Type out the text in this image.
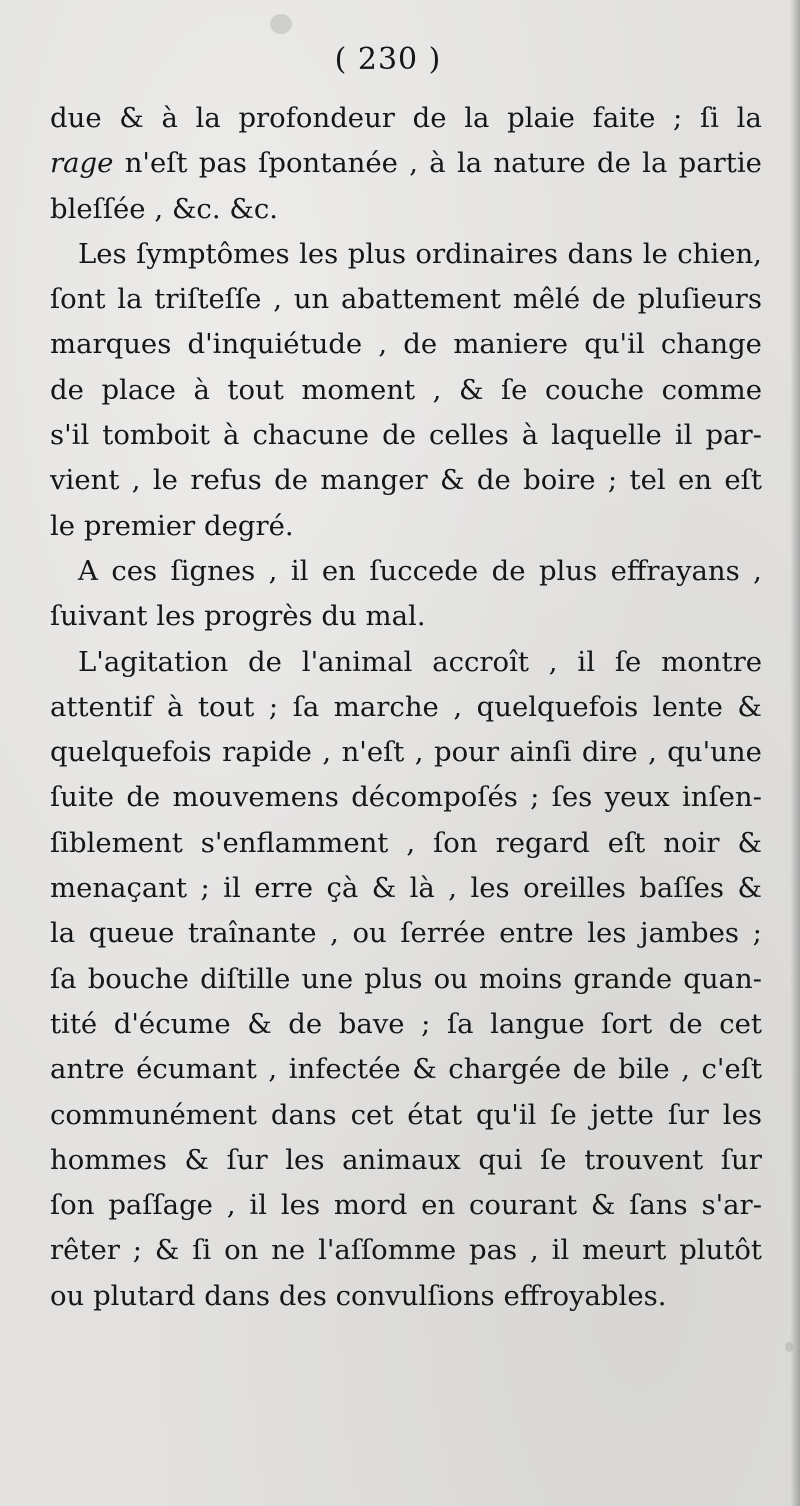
( 230 )
due & à la profondeur de la plaie faite ; ſi la
rage n'eſt pas ſpontanée , à la nature de la partie
bleſſée , &c. &c.
Les ſymptômes les plus ordinaires dans le chien,
ſont la triſteſſe , un abattement mêlé de pluſieurs
marques d'inquiétude , de maniere qu'il change
de place à tout moment , & ſe couche comme
s'il tomboit à chacune de celles à laquelle il par-
vient , le refus de manger & de boire ; tel en eſt
le premier degré.
A ces ſignes , il en ſuccede de plus effrayans ,
ſuivant les progrès du mal.
L'agitation de l'animal accroît , il ſe montre
attentif à tout ; ſa marche , quelquefois lente &
quelquefois rapide , n'eſt , pour ainſi dire , qu'une
ſuite de mouvemens décompoſés ; ſes yeux inſen-
ſiblement s'enflamment , ſon regard eſt noir &
menaçant ; il erre çà & là , les oreilles baſſes &
la queue traînante , ou ſerrée entre les jambes ;
ſa bouche diſtille une plus ou moins grande quan-
tité d'écume & de bave ; ſa langue ſort de cet
antre écumant , infectée & chargée de bile , c'eſt
communément dans cet état qu'il ſe jette ſur les
hommes & ſur les animaux qui ſe trouvent ſur
ſon paſſage , il les mord en courant & ſans s'ar-
rêter ; & ſi on ne l'aſſomme pas , il meurt plutôt
ou plutard dans des convulſions effroyables.
